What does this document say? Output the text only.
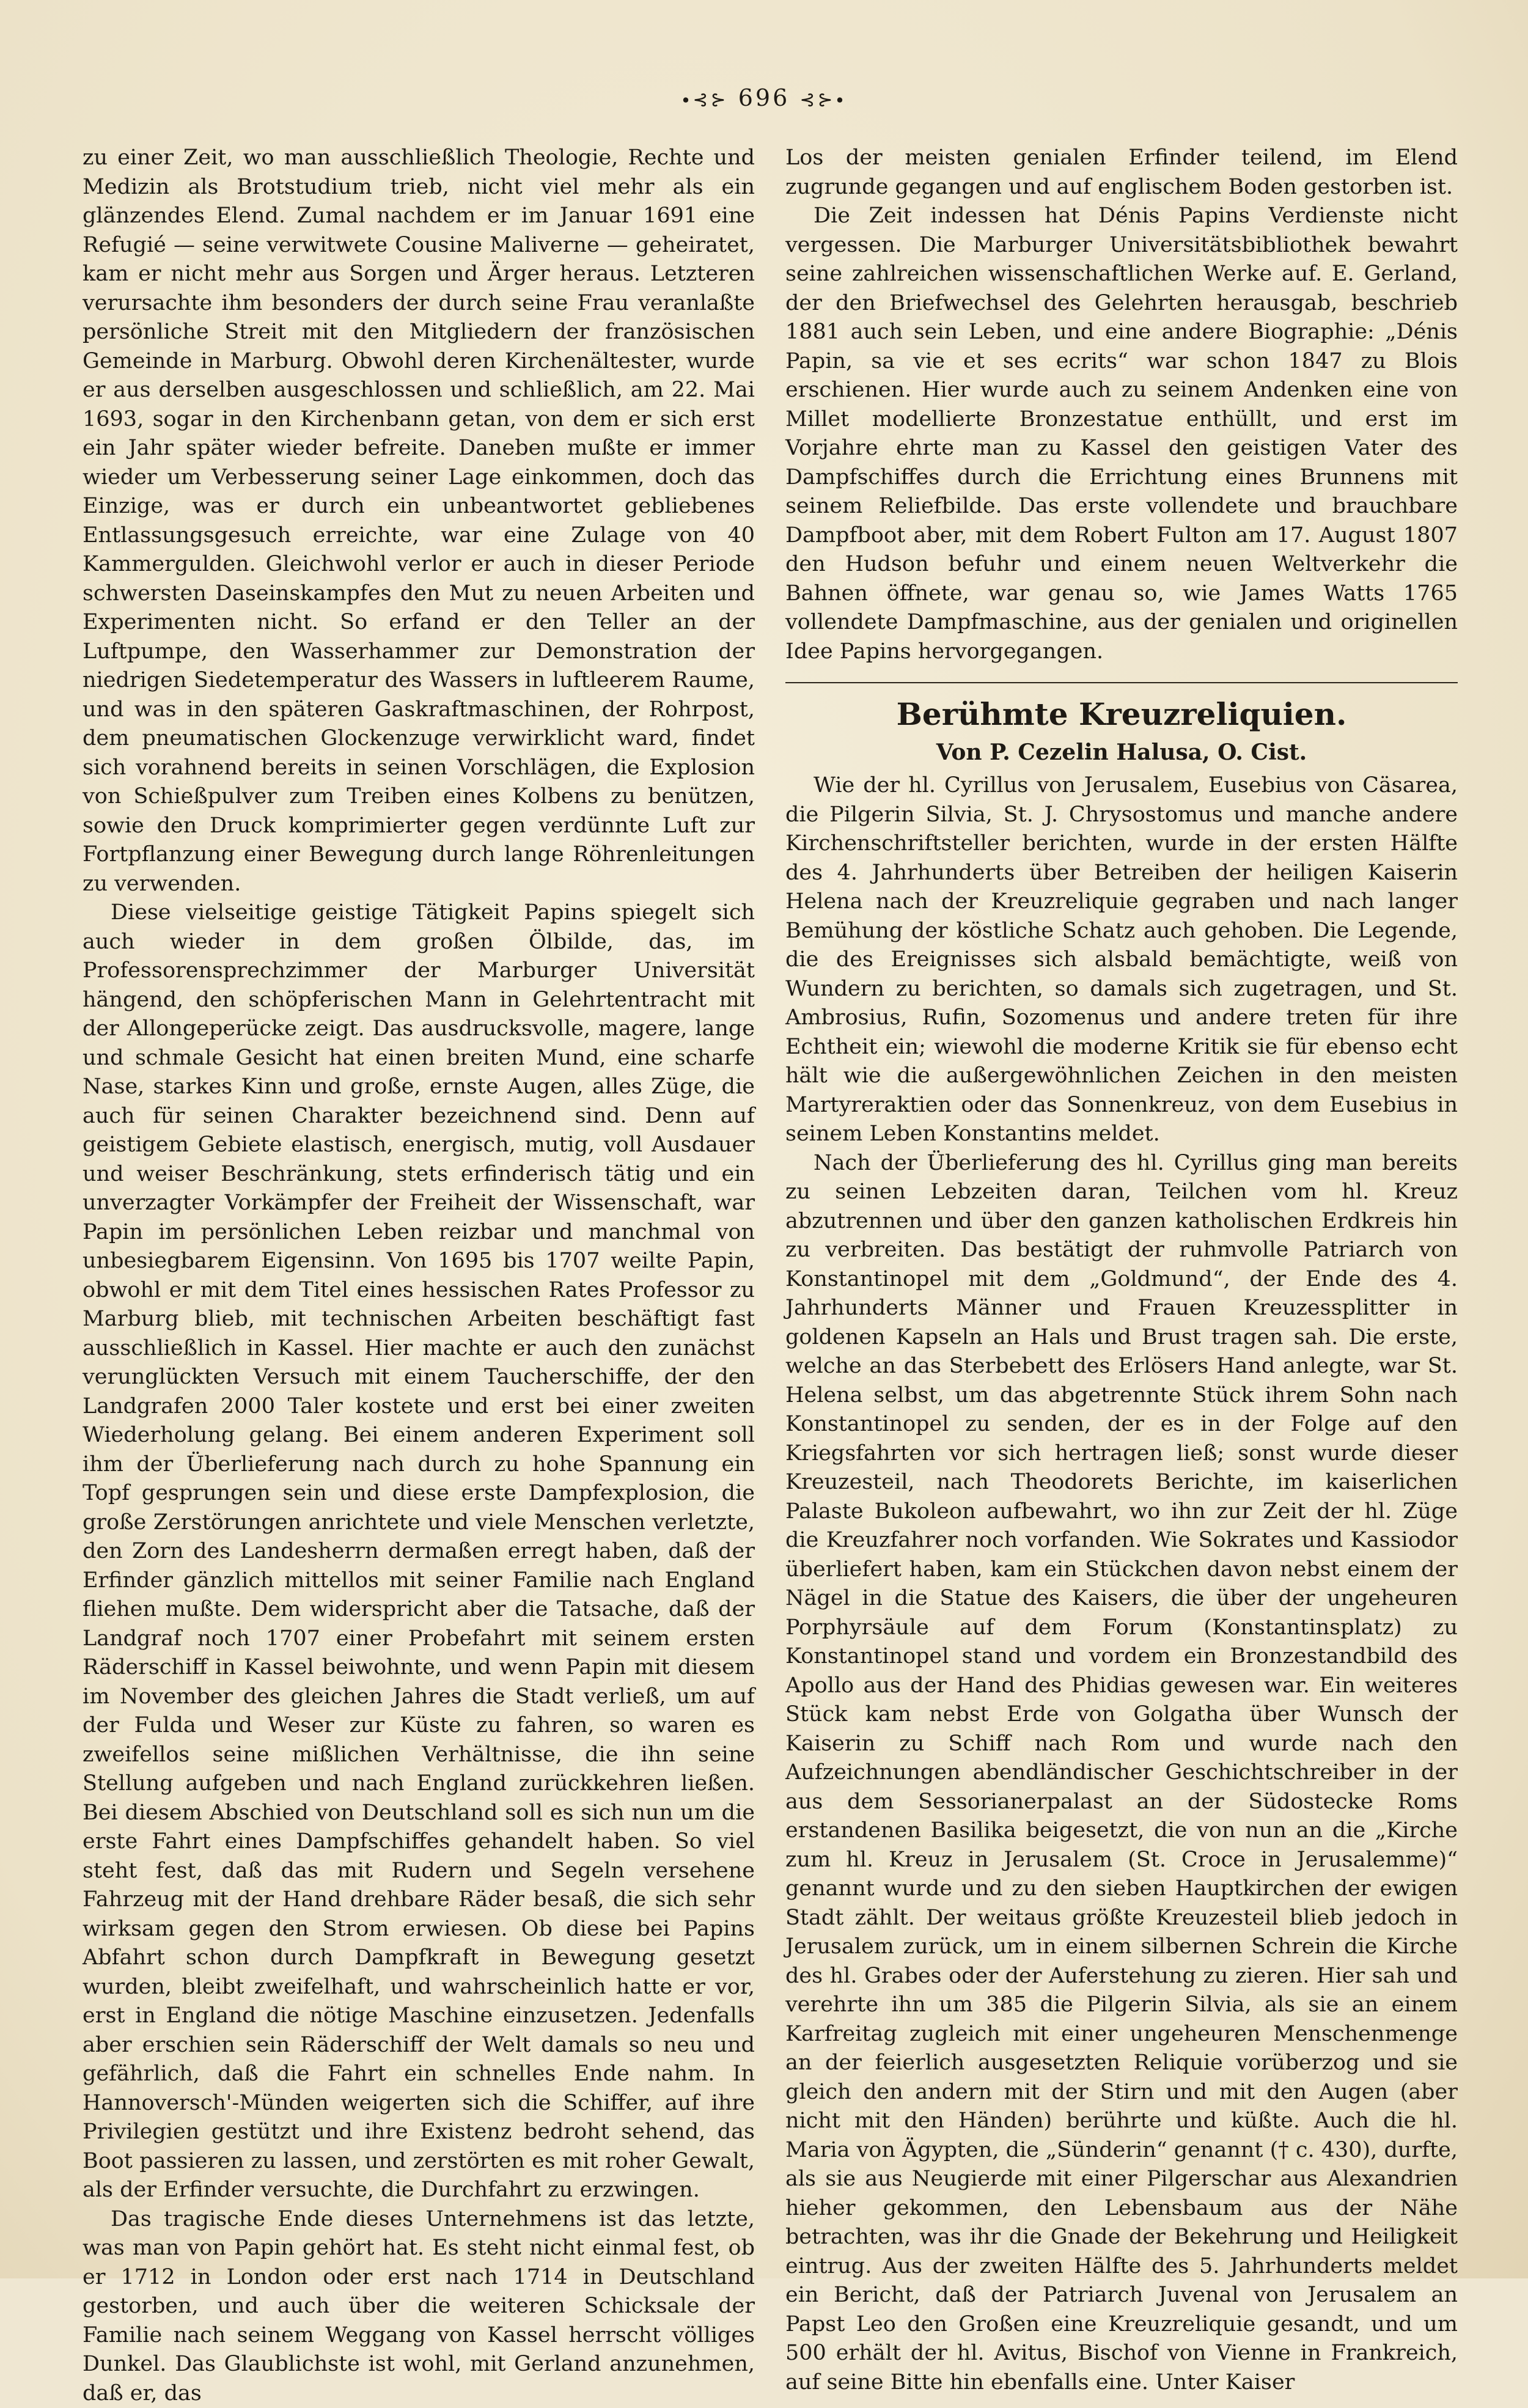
∙⊰⊱ 696 ⊰⊱∙

zu einer Zeit, wo man ausschließlich Theologie, Rechte und Medizin als Brotstudium trieb, nicht viel mehr als ein glänzendes Elend. Zumal nachdem er im Januar 1691 eine Refugié — seine verwitwete Cousine Maliverne — geheiratet, kam er nicht mehr aus Sorgen und Ärger heraus. Letzteren verursachte ihm besonders der durch seine Frau veranlaßte persönliche Streit mit den Mitgliedern der französischen Gemeinde in Marburg. Obwohl deren Kirchenältester, wurde er aus derselben ausgeschlossen und schließlich, am 22. Mai 1693, sogar in den Kirchenbann getan, von dem er sich erst ein Jahr später wieder befreite. Daneben mußte er immer wieder um Verbesserung seiner Lage einkommen, doch das Einzige, was er durch ein unbeantwortet gebliebenes Entlassungsgesuch erreichte, war eine Zulage von 40 Kammergulden. Gleichwohl verlor er auch in dieser Periode schwersten Daseinskampfes den Mut zu neuen Arbeiten und Experimenten nicht. So erfand er den Teller an der Luftpumpe, den Wasserhammer zur Demonstration der niedrigen Siedetemperatur des Wassers in luftleerem Raume, und was in den späteren Gaskraftmaschinen, der Rohrpost, dem pneumatischen Glockenzuge verwirklicht ward, findet sich vorahnend bereits in seinen Vorschlägen, die Explosion von Schießpulver zum Treiben eines Kolbens zu benützen, sowie den Druck komprimierter gegen verdünnte Luft zur Fortpflanzung einer Bewegung durch lange Röhrenleitungen zu verwenden.

Diese vielseitige geistige Tätigkeit Papins spiegelt sich auch wieder in dem großen Ölbilde, das, im Professorensprechzimmer der Marburger Universität hängend, den schöpferischen Mann in Gelehrtentracht mit der Allongeperücke zeigt. Das ausdrucksvolle, magere, lange und schmale Gesicht hat einen breiten Mund, eine scharfe Nase, starkes Kinn und große, ernste Augen, alles Züge, die auch für seinen Charakter bezeichnend sind. Denn auf geistigem Gebiete elastisch, energisch, mutig, voll Ausdauer und weiser Beschränkung, stets erfinderisch tätig und ein unverzagter Vorkämpfer der Freiheit der Wissenschaft, war Papin im persönlichen Leben reizbar und manchmal von unbesiegbarem Eigensinn. Von 1695 bis 1707 weilte Papin, obwohl er mit dem Titel eines hessischen Rates Professor zu Marburg blieb, mit technischen Arbeiten beschäftigt fast ausschließlich in Kassel. Hier machte er auch den zunächst verunglückten Versuch mit einem Taucherschiffe, der den Landgrafen 2000 Taler kostete und erst bei einer zweiten Wiederholung gelang. Bei einem anderen Experiment soll ihm der Überlieferung nach durch zu hohe Spannung ein Topf gesprungen sein und diese erste Dampfexplosion, die große Zerstörungen anrichtete und viele Menschen verletzte, den Zorn des Landesherrn dermaßen erregt haben, daß der Erfinder gänzlich mittellos mit seiner Familie nach England fliehen mußte. Dem widerspricht aber die Tatsache, daß der Landgraf noch 1707 einer Probefahrt mit seinem ersten Räderschiff in Kassel beiwohnte, und wenn Papin mit diesem im November des gleichen Jahres die Stadt verließ, um auf der Fulda und Weser zur Küste zu fahren, so waren es zweifellos seine mißlichen Verhältnisse, die ihn seine Stellung aufgeben und nach England zurückkehren ließen. Bei diesem Abschied von Deutschland soll es sich nun um die erste Fahrt eines Dampfschiffes gehandelt haben. So viel steht fest, daß das mit Rudern und Segeln versehene Fahrzeug mit der Hand drehbare Räder besaß, die sich sehr wirksam gegen den Strom erwiesen. Ob diese bei Papins Abfahrt schon durch Dampfkraft in Bewegung gesetzt wurden, bleibt zweifelhaft, und wahrscheinlich hatte er vor, erst in England die nötige Maschine einzusetzen. Jedenfalls aber erschien sein Räderschiff der Welt damals so neu und gefährlich, daß die Fahrt ein schnelles Ende nahm. In Hannoversch'-Münden weigerten sich die Schiffer, auf ihre Privilegien gestützt und ihre Existenz bedroht sehend, das Boot passieren zu lassen, und zerstörten es mit roher Gewalt, als der Erfinder versuchte, die Durchfahrt zu erzwingen.

Das tragische Ende dieses Unternehmens ist das letzte, was man von Papin gehört hat. Es steht nicht einmal fest, ob er 1712 in London oder erst nach 1714 in Deutschland gestorben, und auch über die weiteren Schicksale der Familie nach seinem Weggang von Kassel herrscht völliges Dunkel. Das Glaublichste ist wohl, mit Gerland anzunehmen, daß er, das

Los der meisten genialen Erfinder teilend, im Elend zugrunde gegangen und auf englischem Boden gestorben ist.

Die Zeit indessen hat Dénis Papins Verdienste nicht vergessen. Die Marburger Universitätsbibliothek bewahrt seine zahlreichen wissenschaftlichen Werke auf. E. Gerland, der den Briefwechsel des Gelehrten herausgab, beschrieb 1881 auch sein Leben, und eine andere Biographie: „Dénis Papin, sa vie et ses ecrits“ war schon 1847 zu Blois erschienen. Hier wurde auch zu seinem Andenken eine von Millet modellierte Bronzestatue enthüllt, und erst im Vorjahre ehrte man zu Kassel den geistigen Vater des Dampfschiffes durch die Errichtung eines Brunnens mit seinem Reliefbilde. Das erste vollendete und brauchbare Dampfboot aber, mit dem Robert Fulton am 17. August 1807 den Hudson befuhr und einem neuen Weltverkehr die Bahnen öffnete, war genau so, wie James Watts 1765 vollendete Dampfmaschine, aus der genialen und originellen Idee Papins hervorgegangen.

Berühmte Kreuzreliquien.
Von P. Cezelin Halusa, O. Cist.

Wie der hl. Cyrillus von Jerusalem, Eusebius von Cäsarea, die Pilgerin Silvia, St. J. Chrysostomus und manche andere Kirchenschriftsteller berichten, wurde in der ersten Hälfte des 4. Jahrhunderts über Betreiben der heiligen Kaiserin Helena nach der Kreuzreliquie gegraben und nach langer Bemühung der köstliche Schatz auch gehoben. Die Legende, die des Ereignisses sich alsbald bemächtigte, weiß von Wundern zu berichten, so damals sich zugetragen, und St. Ambrosius, Rufin, Sozomenus und andere treten für ihre Echtheit ein; wiewohl die moderne Kritik sie für ebenso echt hält wie die außergewöhnlichen Zeichen in den meisten Martyreraktien oder das Sonnenkreuz, von dem Eusebius in seinem Leben Konstantins meldet.

Nach der Überlieferung des hl. Cyrillus ging man bereits zu seinen Lebzeiten daran, Teilchen vom hl. Kreuz abzutrennen und über den ganzen katholischen Erdkreis hin zu verbreiten. Das bestätigt der ruhmvolle Patriarch von Konstantinopel mit dem „Goldmund“, der Ende des 4. Jahrhunderts Männer und Frauen Kreuzessplitter in goldenen Kapseln an Hals und Brust tragen sah. Die erste, welche an das Sterbebett des Erlösers Hand anlegte, war St. Helena selbst, um das abgetrennte Stück ihrem Sohn nach Konstantinopel zu senden, der es in der Folge auf den Kriegsfahrten vor sich hertragen ließ; sonst wurde dieser Kreuzesteil, nach Theodorets Berichte, im kaiserlichen Palaste Bukoleon aufbewahrt, wo ihn zur Zeit der hl. Züge die Kreuzfahrer noch vorfanden. Wie Sokrates und Kassiodor überliefert haben, kam ein Stückchen davon nebst einem der Nägel in die Statue des Kaisers, die über der ungeheuren Porphyrsäule auf dem Forum (Konstantinsplatz) zu Konstantinopel stand und vordem ein Bronzestandbild des Apollo aus der Hand des Phidias gewesen war. Ein weiteres Stück kam nebst Erde von Golgatha über Wunsch der Kaiserin zu Schiff nach Rom und wurde nach den Aufzeichnungen abendländischer Geschichtschreiber in der aus dem Sessorianerpalast an der Südostecke Roms erstandenen Basilika beigesetzt, die von nun an die „Kirche zum hl. Kreuz in Jerusalem (St. Croce in Jerusalemme)“ genannt wurde und zu den sieben Hauptkirchen der ewigen Stadt zählt. Der weitaus größte Kreuzesteil blieb jedoch in Jerusalem zurück, um in einem silbernen Schrein die Kirche des hl. Grabes oder der Auferstehung zu zieren. Hier sah und verehrte ihn um 385 die Pilgerin Silvia, als sie an einem Karfreitag zugleich mit einer ungeheuren Menschenmenge an der feierlich ausgesetzten Reliquie vorüberzog und sie gleich den andern mit der Stirn und mit den Augen (aber nicht mit den Händen) berührte und küßte. Auch die hl. Maria von Ägypten, die „Sünderin“ genannt († c. 430), durfte, als sie aus Neugierde mit einer Pilgerschar aus Alexandrien hieher gekommen, den Lebensbaum aus der Nähe betrachten, was ihr die Gnade der Bekehrung und Heiligkeit eintrug. Aus der zweiten Hälfte des 5. Jahrhunderts meldet ein Bericht, daß der Patriarch Juvenal von Jerusalem an Papst Leo den Großen eine Kreuzreliquie gesandt, und um 500 erhält der hl. Avitus, Bischof von Vienne in Frankreich, auf seine Bitte hin ebenfalls eine. Unter Kaiser
